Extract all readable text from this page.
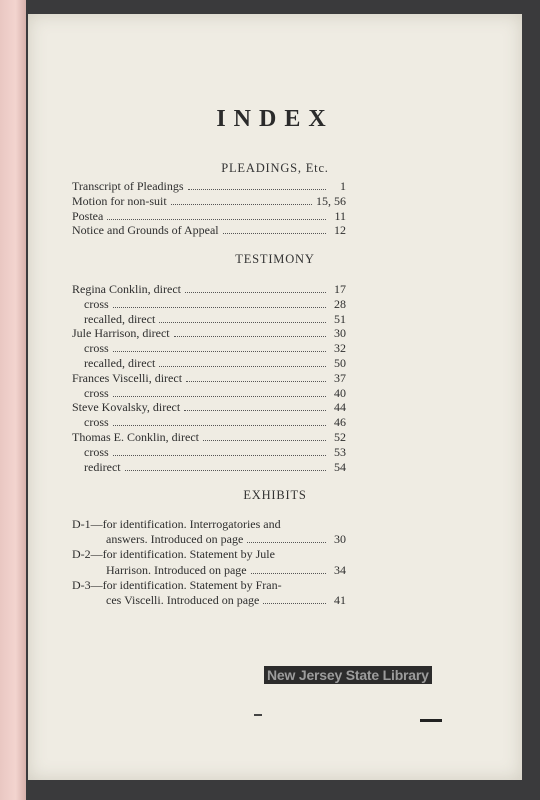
INDEX
PLEADINGS, Etc.
Transcript of Pleadings	1
Motion for non-suit	15, 56
Postea	11
Notice and Grounds of Appeal	12
TESTIMONY
Regina Conklin, direct	17
cross	28
recalled, direct	51
Jule Harrison, direct	30
cross	32
recalled, direct	50
Frances Viscelli, direct	37
cross	40
Steve Kovalsky, direct	44
cross	46
Thomas E. Conklin, direct	52
cross	53
redirect	54
EXHIBITS
D-1—for identification. Interrogatories and
answers. Introduced on page	30
D-2—for identification. Statement by Jule
Harrison. Introduced on page	34
D-3—for identification. Statement by Fran-
ces Viscelli. Introduced on page	41
New Jersey State Library
